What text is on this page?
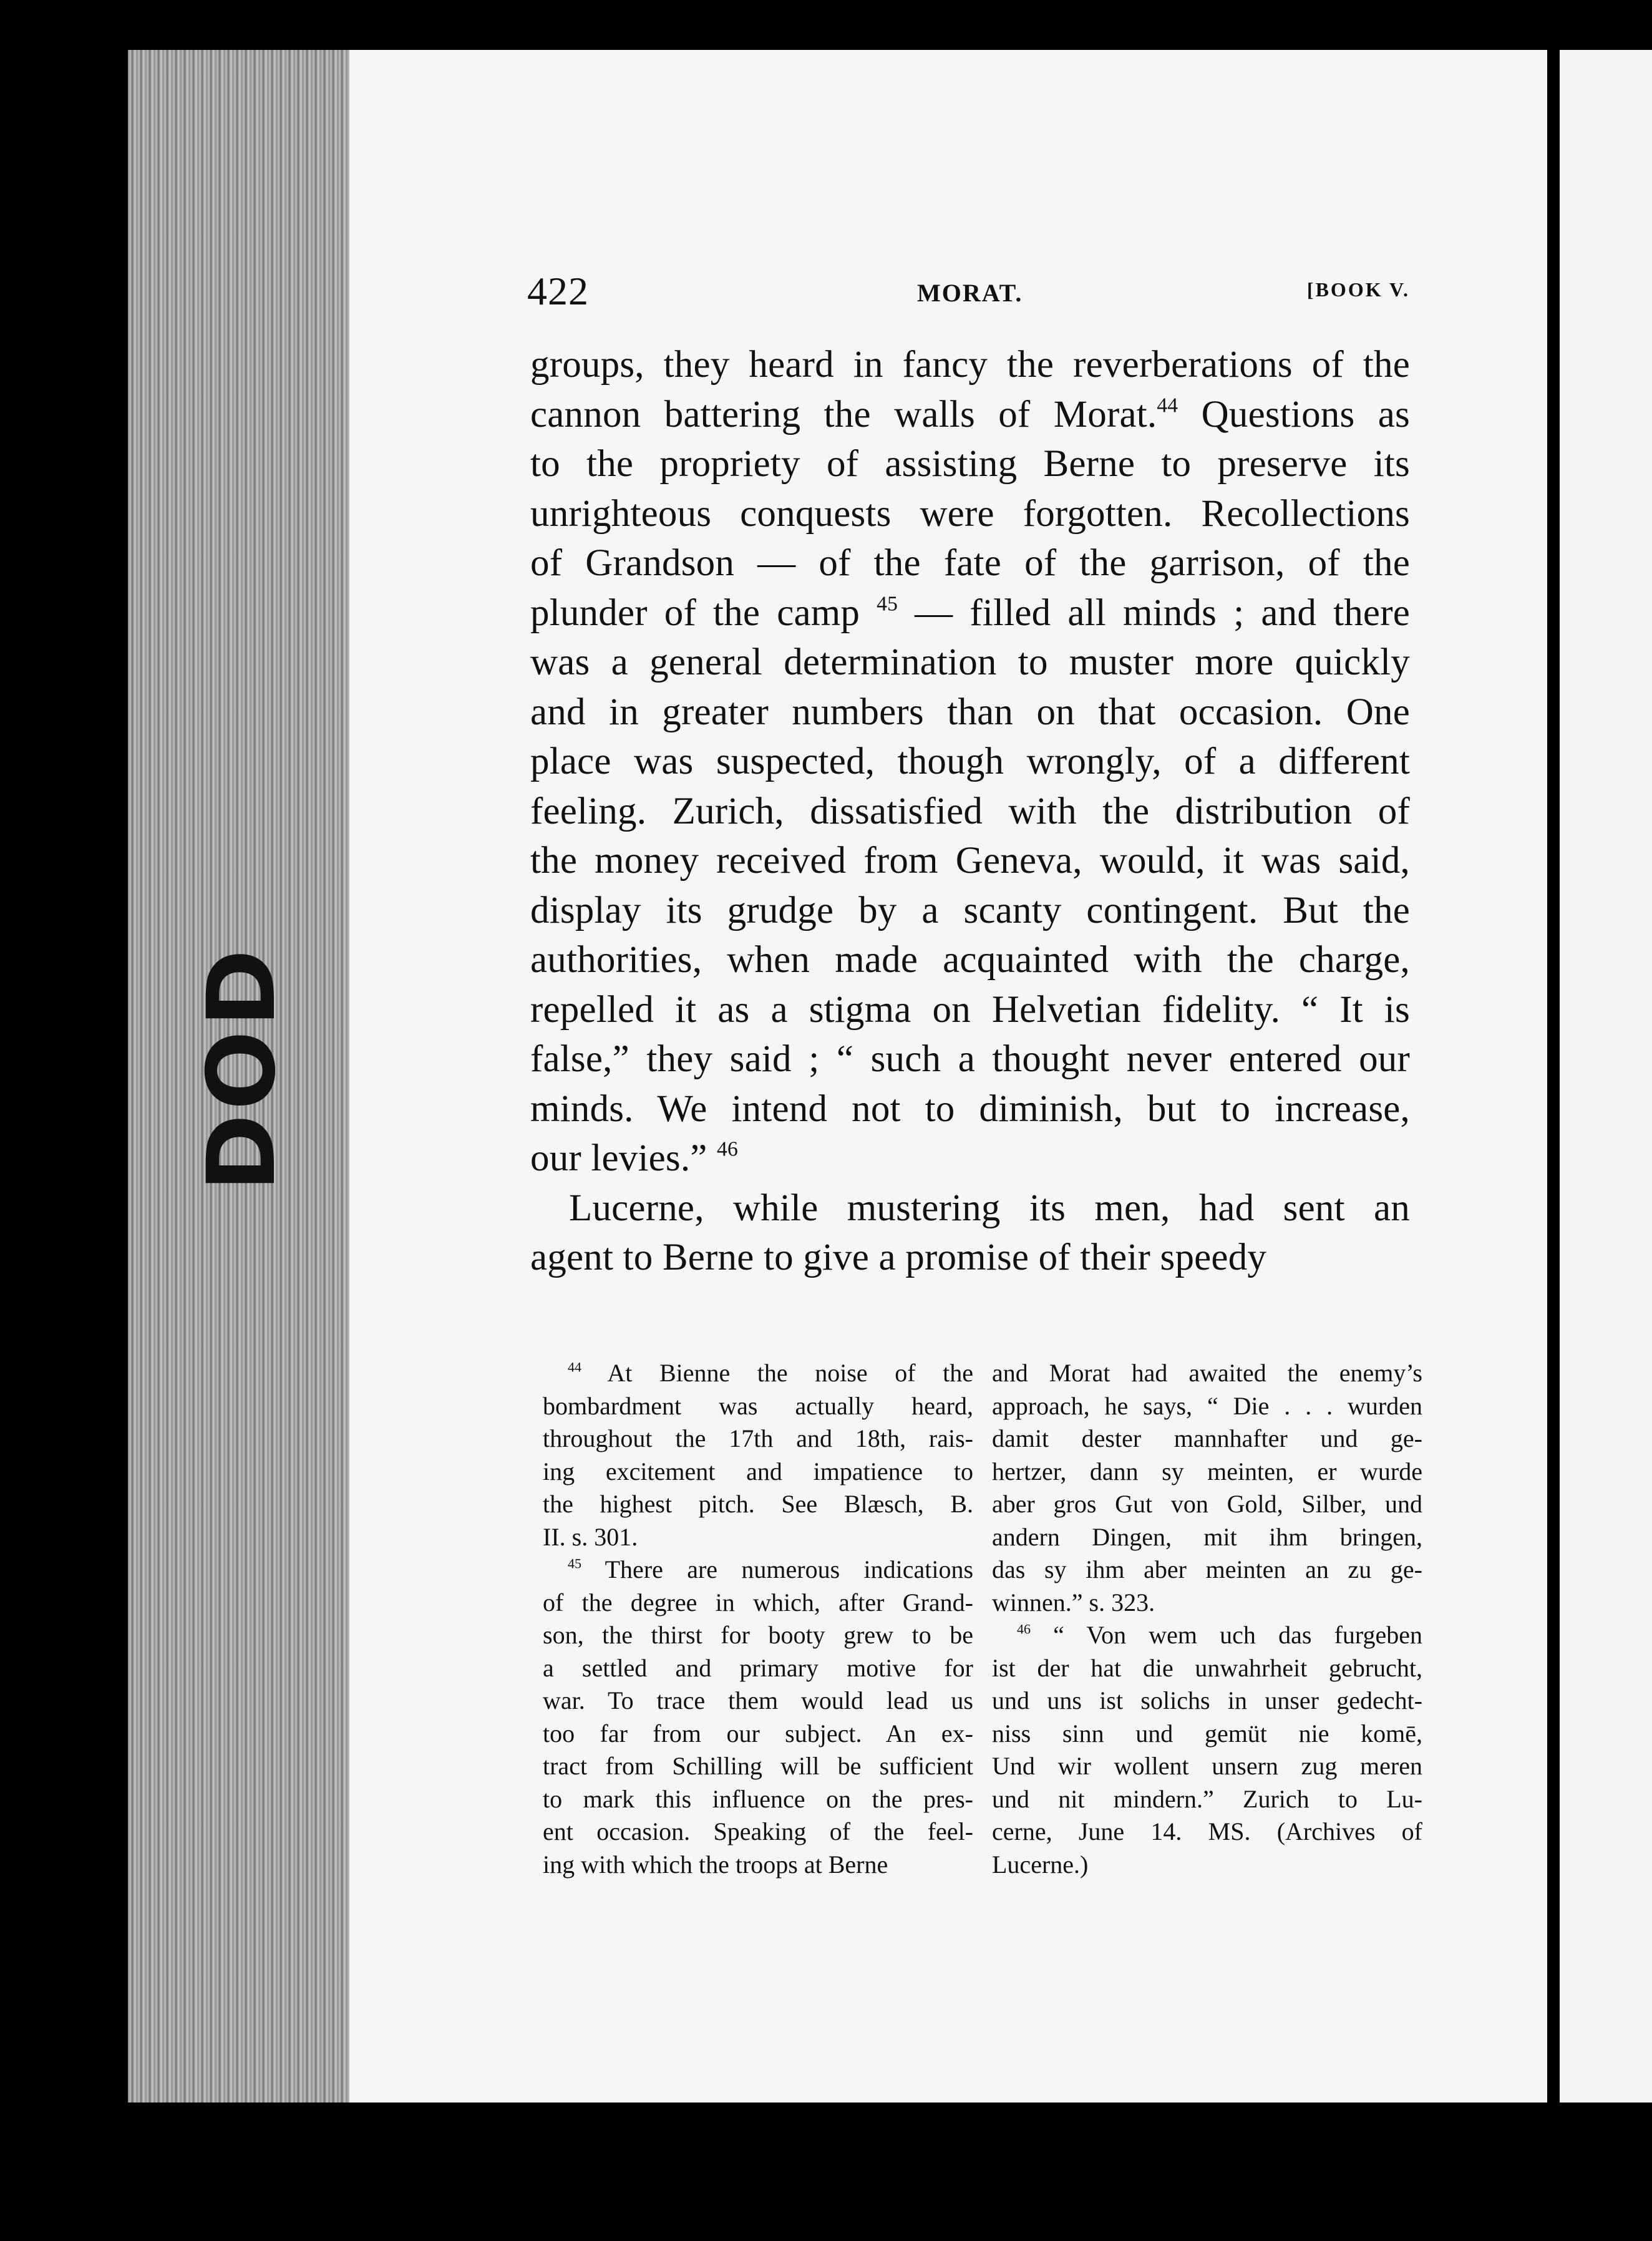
DOD
422	MORAT.	[BOOK V.
groups, they heard in fancy the reverberations of the
cannon battering the walls of Morat.$^{44}$ Questions as
to the propriety of assisting Berne to preserve its
unrighteous conquests were forgotten. Recollections
of Grandson — of the fate of the garrison, of the
plunder of the camp $^{45}$ — filled all minds ; and there
was a general determination to muster more quickly
and in greater numbers than on that occasion. One
place was suspected, though wrongly, of a different
feeling. Zurich, dissatisfied with the distribution of
the money received from Geneva, would, it was said,
display its grudge by a scanty contingent. But the
authorities, when made acquainted with the charge,
repelled it as a stigma on Helvetian fidelity. “ It is
false,” they said ; “ such a thought never entered our
minds. We intend not to diminish, but to increase,
our levies.” $^{46}$
Lucerne, while mustering its men, had sent an
agent to Berne to give a promise of their speedy
$^{44}$ At Bienne the noise of the
bombardment was actually heard,
throughout the 17th and 18th, rais-
ing excitement and impatience to
the highest pitch. See Blæsch, B.
II. s. 301.
$^{45}$ There are numerous indications
of the degree in which, after Grand-
son, the thirst for booty grew to be
a settled and primary motive for
war. To trace them would lead us
too far from our subject. An ex-
tract from Schilling will be sufficient
to mark this influence on the pres-
ent occasion. Speaking of the feel-
ing with which the troops at Berne
and Morat had awaited the enemy’s
approach, he says, “ Die . . . wurden
damit dester mannhafter und ge-
hertzer, dann sy meinten, er wurde
aber gros Gut von Gold, Silber, und
andern Dingen, mit ihm bringen,
das sy ihm aber meinten an zu ge-
winnen.” s. 323.
$^{46}$ “ Von wem uch das furgeben
ist der hat die unwahrheit gebrucht,
und uns ist solichs in unser gedecht-
niss sinn und gemüt nie komē,
Und wir wollent unsern zug meren
und nit mindern.” Zurich to Lu-
cerne, June 14. MS. (Archives of
Lucerne.)
